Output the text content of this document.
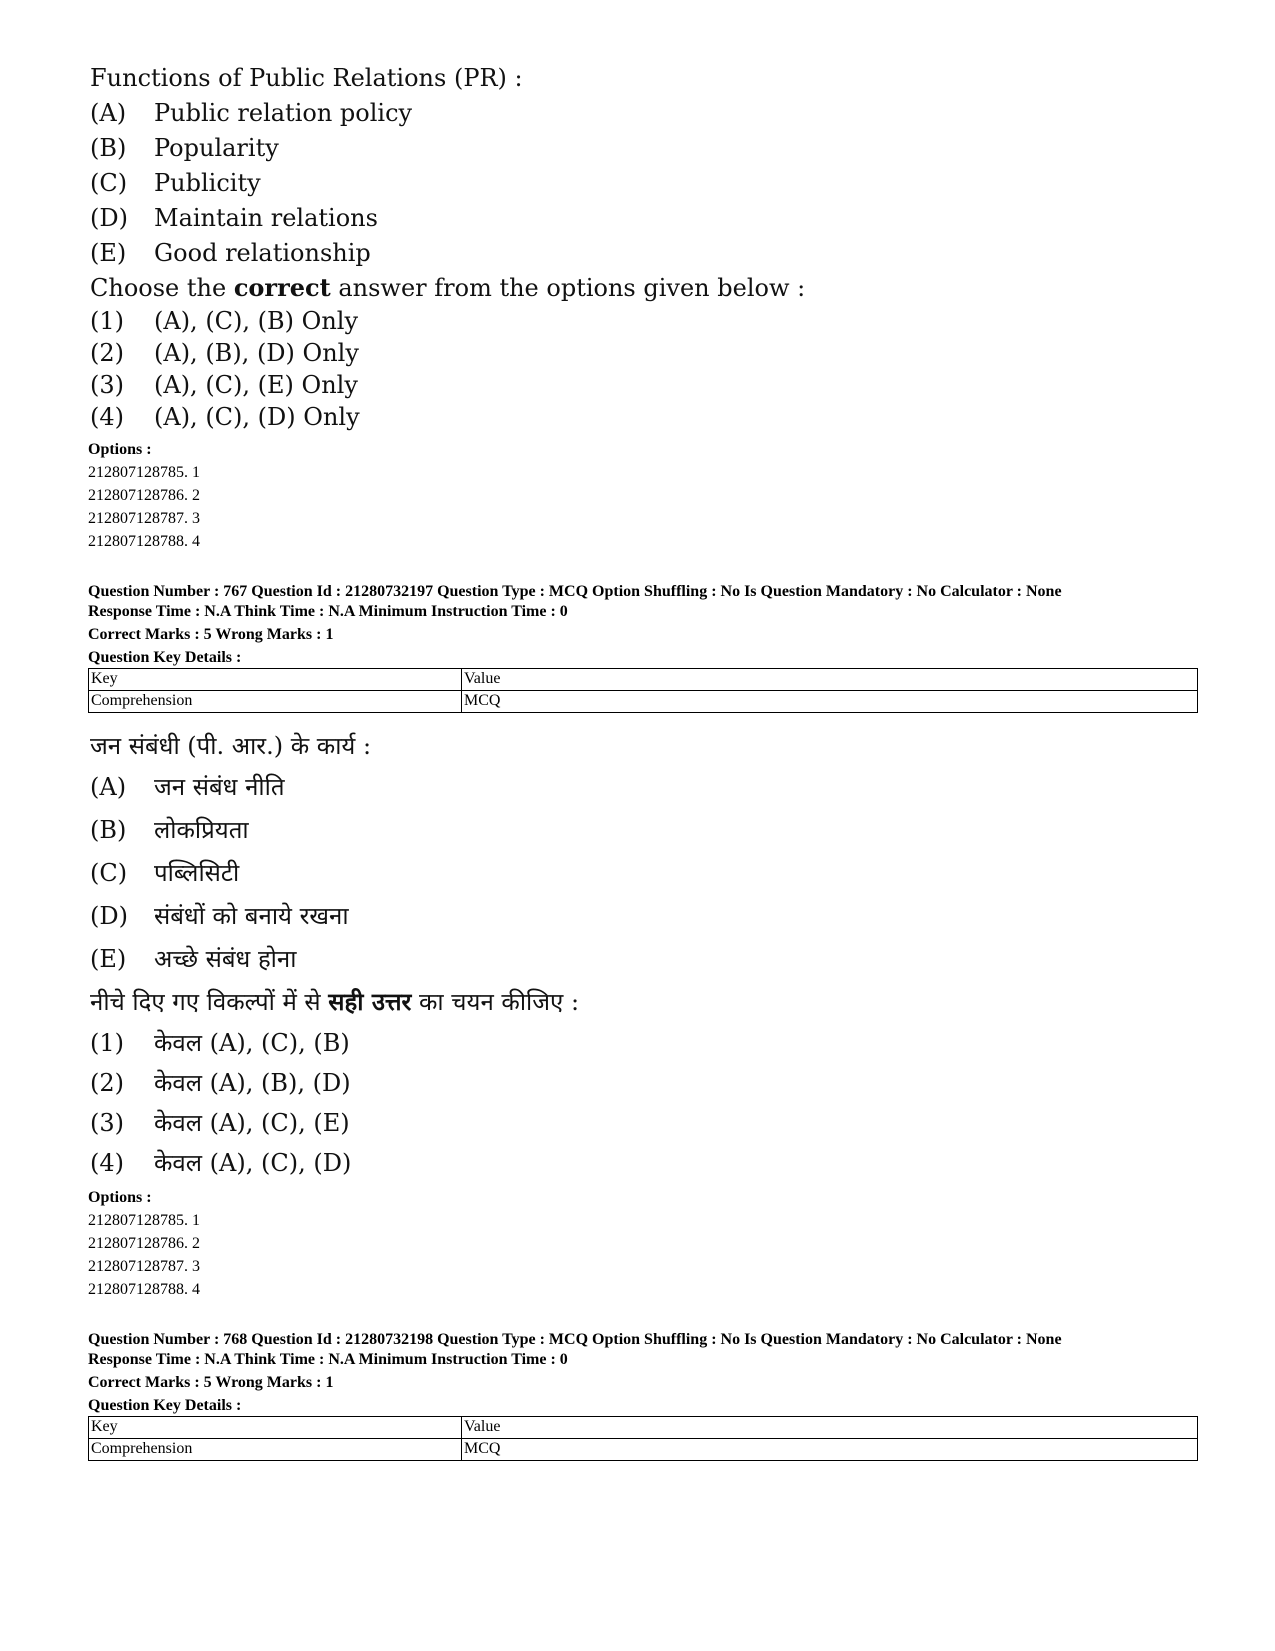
Functions of Public Relations (PR) :
(A)	Public relation policy
(B)	Popularity
(C)	Publicity
(D)	Maintain relations
(E)	Good relationship
Choose the correct answer from the options given below :
(1)	(A), (C), (B) Only
(2)	(A), (B), (D) Only
(3)	(A), (C), (E) Only
(4)	(A), (C), (D) Only
Options :
212807128785. 1
212807128786. 2
212807128787. 3
212807128788. 4
Question Number : 767 Question Id : 21280732197 Question Type : MCQ Option Shuffling : No Is Question Mandatory : No Calculator : None
Response Time : N.A Think Time : N.A Minimum Instruction Time : 0
Correct Marks : 5 Wrong Marks : 1
Question Key Details :
Key	Value
Comprehension	MCQ
जन संबंधी (पी. आर.) के कार्य :
(A)	जन संबंध नीति
(B)	लोकप्रियता
(C)	पब्लिसिटी
(D)	संबंधों को बनाये रखना
(E)	अच्छे संबंध होना
नीचे दिए गए विकल्पों में से सही उत्तर का चयन कीजिए :
(1)	केवल (A), (C), (B)
(2)	केवल (A), (B), (D)
(3)	केवल (A), (C), (E)
(4)	केवल (A), (C), (D)
Options :
212807128785. 1
212807128786. 2
212807128787. 3
212807128788. 4
Question Number : 768 Question Id : 21280732198 Question Type : MCQ Option Shuffling : No Is Question Mandatory : No Calculator : None
Response Time : N.A Think Time : N.A Minimum Instruction Time : 0
Correct Marks : 5 Wrong Marks : 1
Question Key Details :
Key	Value
Comprehension	MCQ
